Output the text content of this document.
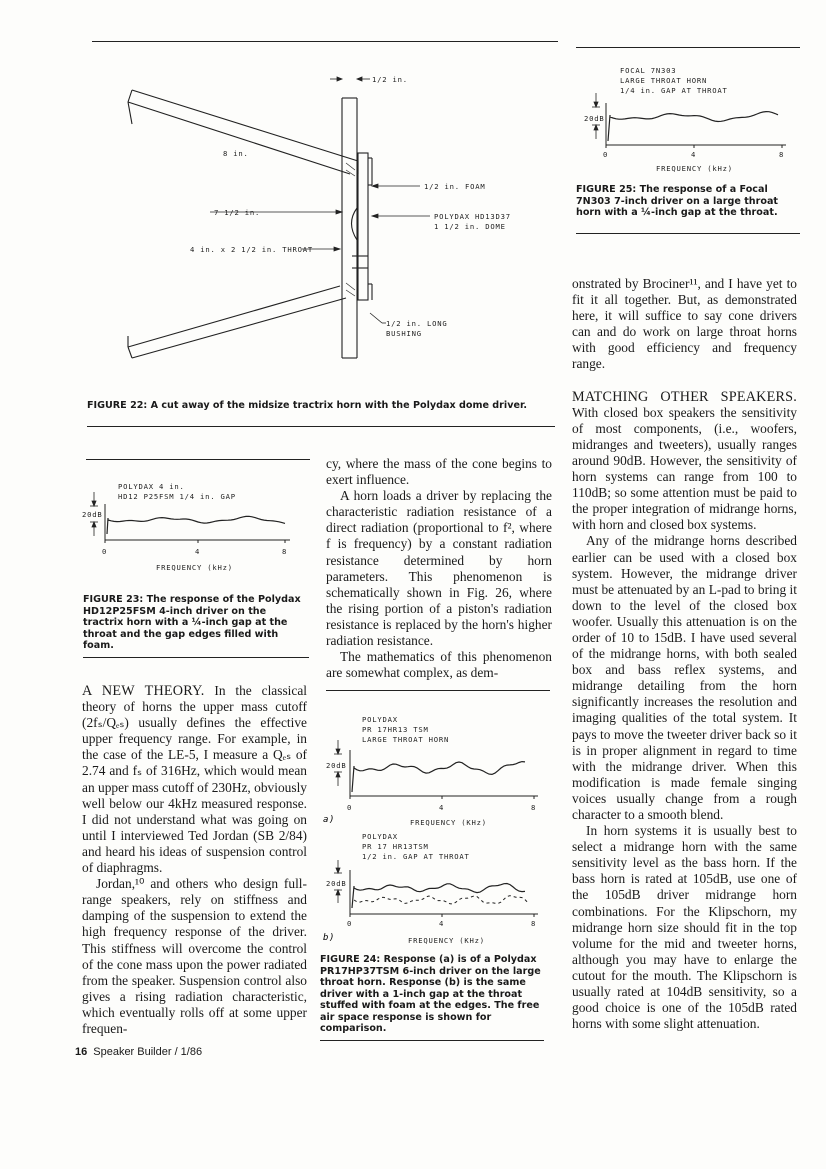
1/2 in.
8 in.
7 1/2 in.
4 in. x 2 1/2 in. THROAT
1/2 in. FOAM
POLYDAX HD13D37
1 1/2 in. DOME
1/2 in. LONG
BUSHING
FIGURE 22: A cut away of the midsize tractrix horn with the Polydax dome driver.
POLYDAX 4 in.
HD12 P25FSM 1/4 in. GAP
20dB
0	4	8
FREQUENCY (kHz)
FIGURE 23: The response of the Polydax HD12P25FSM 4-inch driver on the tractrix horn with a ¼-inch gap at the throat and the gap edges filled with foam.

A NEW THEORY. In the classical theory of horns the upper mass cutoff (2fₛ/Qₑₛ) usually defines the effective upper frequency range. For example, in the case of the LE-5, I measure a Qₑₛ of 2.74 and fₛ of 316Hz, which would mean an upper mass cutoff of 230Hz, obviously well below our 4kHz measured response. I did not understand what was going on until I interviewed Ted Jordan (SB 2/84) and heard his ideas of suspension control of diaphragms.

Jordan,¹⁰ and others who design full-range speakers, rely on stiffness and damping of the suspension to extend the high frequency response of the driver. This stiffness will overcome the control of the cone mass upon the power radiated from the speaker. Suspension control also gives a rising radiation characteristic, which eventually rolls off at some upper frequen-

cy, where the mass of the cone begins to exert influence.

A horn loads a driver by replacing the characteristic radiation resistance of a direct radiation (proportional to f², where f is frequency) by a constant radiation resistance determined by horn parameters. This phenomenon is schematically shown in Fig. 26, where the rising portion of a piston's radiation resistance is replaced by the horn's higher radiation resistance.

The mathematics of this phenomenon are somewhat complex, as dem-

POLYDAX
PR 17HR13 TSM
LARGE THROAT HORN
20dB
0	4	8
a)	FREQUENCY (KHz)
POLYDAX
PR 17 HR13TSM
1/2 in. GAP AT THROAT
20dB
0	4	8
b)	FREQUENCY (KHz)
FIGURE 24: Response (a) is of a Polydax PR17HP37TSM 6-inch driver on the large throat horn. Response (b) is the same driver with a 1-inch gap at the throat stuffed with foam at the edges. The free air space response is shown for comparison.
FOCAL 7N303
LARGE THROAT HORN
1/4 in. GAP AT THROAT
20dB
0	4	8
FREQUENCY (kHz)
FIGURE 25: The response of a Focal 7N303 7-inch driver on a large throat horn with a ¼-inch gap at the throat.

onstrated by Brociner¹¹, and I have yet to fit it all together. But, as demonstrated here, it will suffice to say cone drivers can and do work on large throat horns with good efficiency and frequency range.

MATCHING OTHER SPEAKERS. With closed box speakers the sensitivity of most components, (i.e., woofers, midranges and tweeters), usually ranges around 90dB. However, the sensitivity of horn systems can range from 100 to 110dB; so some attention must be paid to the proper integration of midrange horns, with horn and closed box systems.

Any of the midrange horns described earlier can be used with a closed box system. However, the midrange driver must be attenuated by an L-pad to bring it down to the level of the closed box woofer. Usually this attenuation is on the order of 10 to 15dB. I have used several of the midrange horns, with both sealed box and bass reflex systems, and midrange detailing from the horn significantly increases the resolution and imaging qualities of the total system. It pays to move the tweeter driver back so it is in proper alignment in regard to time with the midrange driver. When this modification is made female singing voices usually change from a rough character to a smooth blend.

In horn systems it is usually best to select a midrange horn with the same sensitivity level as the bass horn. If the bass horn is rated at 105dB, use one of the 105dB driver midrange horn combinations. For the Klipschorn, my midrange horn size should fit in the top volume for the mid and tweeter horns, although you may have to enlarge the cutout for the mouth. The Klipschorn is usually rated at 104dB sensitivity, so a good choice is one of the 105dB rated horns with some slight attenuation.

16 Speaker Builder / 1/86
